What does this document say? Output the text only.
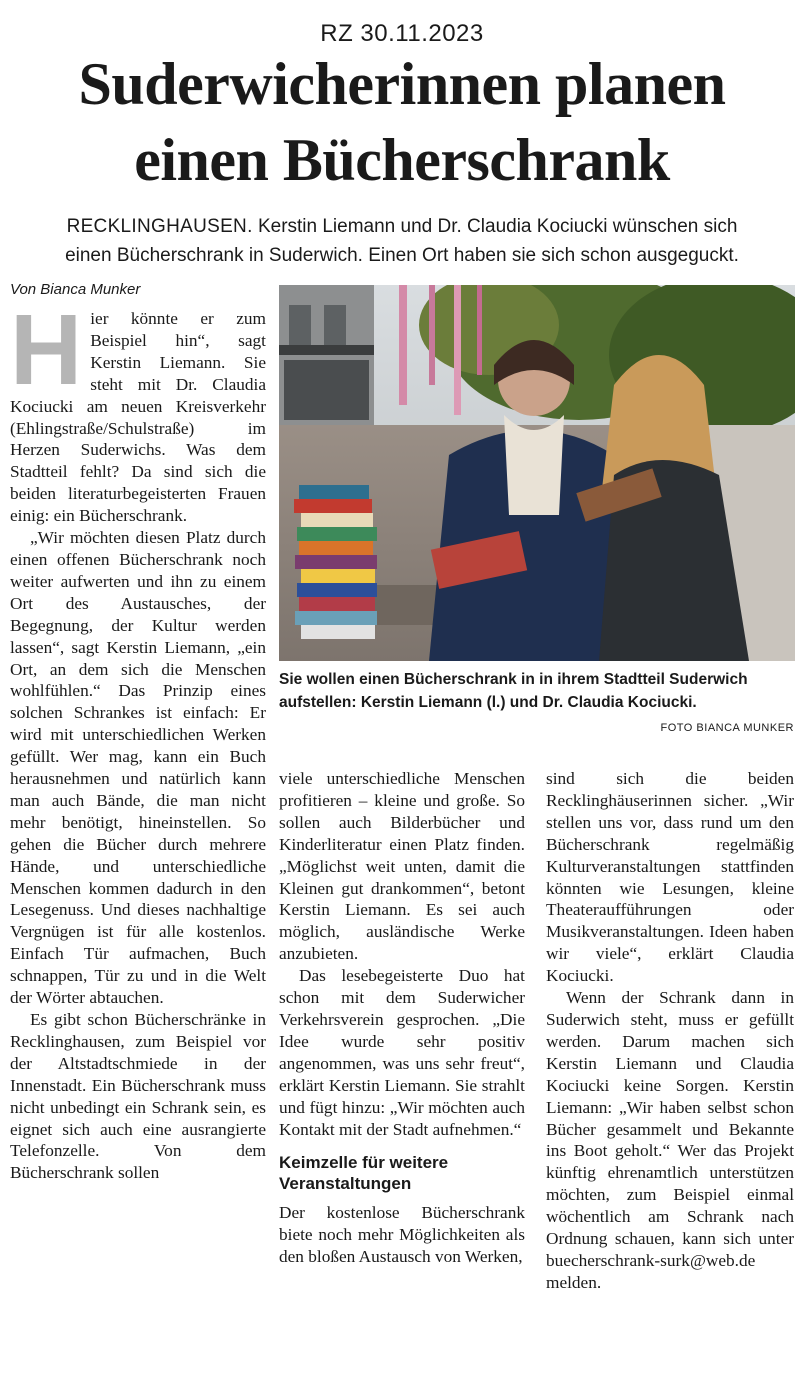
RZ 30.11.2023
Suderwicherinnen planen
einen Bücherschrank
RECKLINGHAUSEN. Kerstin Liemann und Dr. Claudia Kociucki wünschen sich
einen Bücherschrank in Suderwich. Einen Ort haben sie sich schon ausgeguckt.
Von Bianca Munker

Hier könnte er zum Beispiel hin“, sagt Kerstin Liemann. Sie steht mit Dr. Claudia Kociucki am neuen Kreisverkehr (Ehlingstraße/Schulstraße) im Herzen Suderwichs. Was dem Stadtteil fehlt? Da sind sich die beiden literaturbegeisterten Frauen einig: ein Bücherschrank.

„Wir möchten diesen Platz durch einen offenen Bücherschrank noch weiter aufwerten und ihn zu einem Ort des Austausches, der Begegnung, der Kultur werden lassen“, sagt Kerstin Liemann, „ein Ort, an dem sich die Menschen wohlfühlen.“ Das Prinzip eines solchen Schrankes ist einfach: Er wird mit unterschiedlichen Werken gefüllt. Wer mag, kann ein Buch herausnehmen und natürlich kann man auch Bände, die man nicht mehr benötigt, hineinstellen. So gehen die Bücher durch mehrere Hände, und unterschiedliche Menschen kommen dadurch in den Lesegenuss. Und dieses nachhaltige Vergnügen ist für alle kostenlos. Einfach Tür aufmachen, Buch schnappen, Tür zu und in die Welt der Wörter abtauchen.

Es gibt schon Bücherschränke in Recklinghausen, zum Beispiel vor der Altstadtschmiede in der Innenstadt. Ein Bücherschrank muss nicht unbedingt ein Schrank sein, es eignet sich auch eine ausrangierte Telefonzelle. Von dem Bücherschrank sollen

Sie wollen einen Bücherschrank in in ihrem Stadtteil Suderwich aufstellen: Kerstin Liemann (l.) und Dr. Claudia Kociucki.
FOTO BIANCA MUNKER

viele unterschiedliche Menschen profitieren – kleine und große. So sollen auch Bilderbücher und Kinderliteratur einen Platz finden. „Möglichst weit unten, damit die Kleinen gut drankommen“, betont Kerstin Liemann. Es sei auch möglich, ausländische Werke anzubieten.

Das lesebegeisterte Duo hat schon mit dem Suderwicher Verkehrsverein gesprochen. „Die Idee wurde sehr positiv angenommen, was uns sehr freut“, erklärt Kerstin Liemann. Sie strahlt und fügt hinzu: „Wir möchten auch Kontakt mit der Stadt aufnehmen.“

Keimzelle für weitere Veranstaltungen

Der kostenlose Bücherschrank biete noch mehr Möglichkeiten als den bloßen Austausch von Werken,

sind sich die beiden Recklinghäuserinnen sicher. „Wir stellen uns vor, dass rund um den Bücherschrank regelmäßig Kulturveranstaltungen stattfinden könnten wie Lesungen, kleine Theateraufführungen oder Musikveranstaltungen. Ideen haben wir viele“, erklärt Claudia Kociucki.

Wenn der Schrank dann in Suderwich steht, muss er gefüllt werden. Darum machen sich Kerstin Liemann und Claudia Kociucki keine Sorgen. Kerstin Liemann: „Wir haben selbst schon Bücher gesammelt und Bekannte ins Boot geholt.“ Wer das Projekt künftig ehrenamtlich unterstützen möchten, zum Beispiel einmal wöchentlich am Schrank nach Ordnung schauen, kann sich unter buecherschrank-surk@web.de melden.
